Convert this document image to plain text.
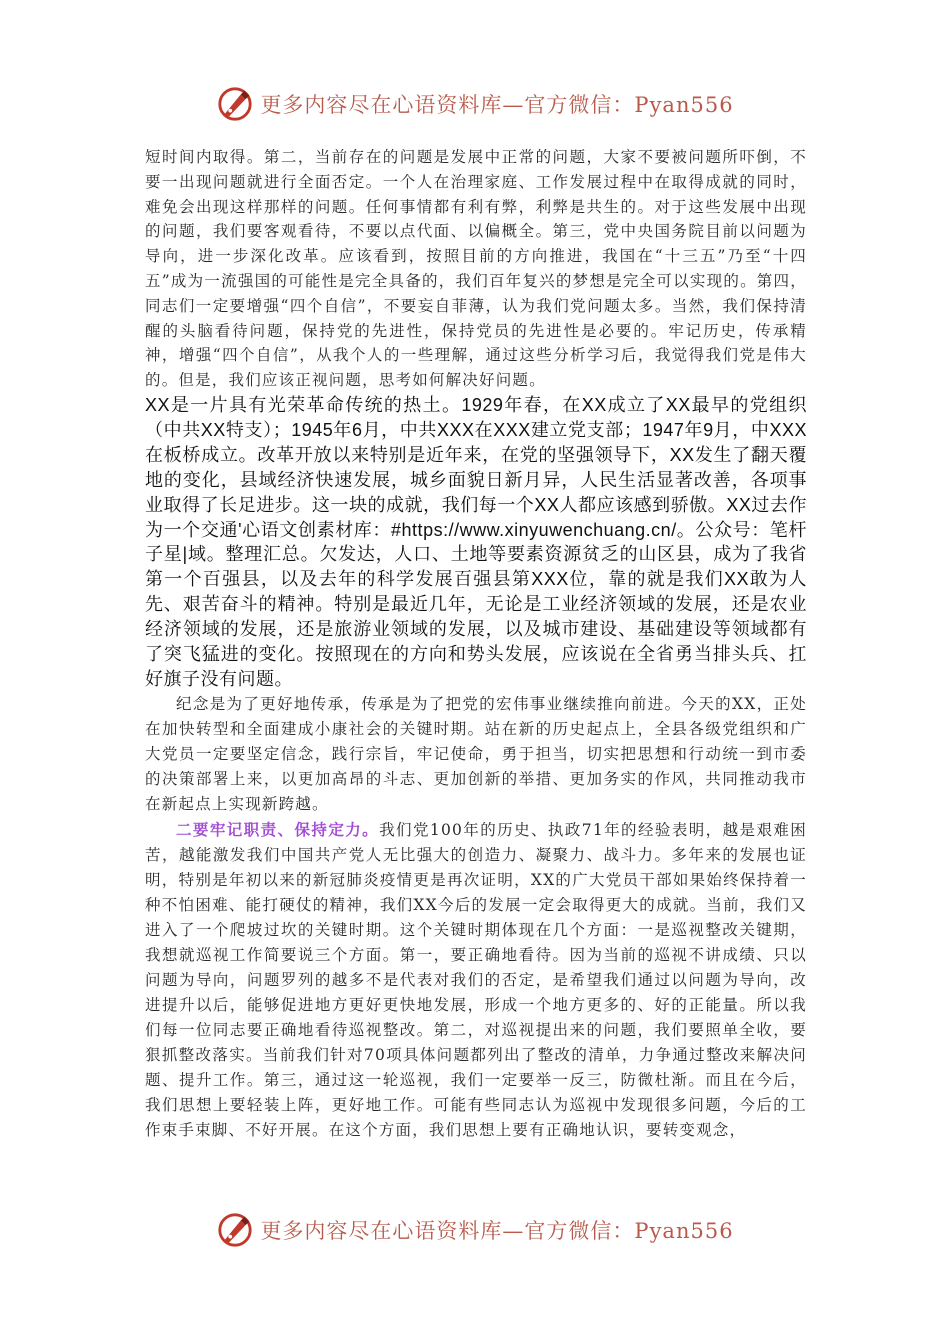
更多内容尽在心语资料库—官方微信：Pyan556

短时间内取得。第二，当前存在的问题是发展中正常的问题，大家不要被问题所吓倒，不要一出现问题就进行全面否定。一个人在治理家庭、工作发展过程中在取得成就的同时，难免会出现这样那样的问题。任何事情都有利有弊，利弊是共生的。对于这些发展中出现的问题，我们要客观看待，不要以点代面、以偏概全。第三，党中央国务院目前以问题为导向，进一步深化改革。应该看到，按照目前的方向推进，我国在“十三五”乃至“十四五”成为一流强国的可能性是完全具备的，我们百年复兴的梦想是完全可以实现的。第四，同志们一定要增强“四个自信”，不要妄自菲薄，认为我们党问题太多。当然，我们保持清醒的头脑看待问题，保持党的先进性，保持党员的先进性是必要的。牢记历史，传承精神，增强“四个自信”，从我个人的一些理解，通过这些分析学习后，我觉得我们党是伟大的。但是，我们应该正视问题，思考如何解决好问题。

XX是一片具有光荣革命传统的热土。1929年春，在XX成立了XX最早的党组织（中共XX特支）；1945年6月，中共XXX在XXX建立党支部；1947年9月，中XXX在板桥成立。改革开放以来特别是近年来，在党的坚强领导下，XX发生了翻天覆地的变化，县域经济快速发展，城乡面貌日新月异，人民生活显著改善，各项事业取得了长足进步。这一块的成就，我们每一个XX人都应该感到骄傲。XX过去作为一个交通'心语文创素材库：#https://www.xinyuwenchuang.cn/。公众号：笔杆子星|域。整理汇总。欠发达，人口、土地等要素资源贫乏的山区县，成为了我省第一个百强县，以及去年的科学发展百强县第XXX位，靠的就是我们XX敢为人先、艰苦奋斗的精神。特别是最近几年，无论是工业经济领域的发展，还是农业经济领域的发展，还是旅游业领域的发展，以及城市建设、基础建设等领域都有了突飞猛进的变化。按照现在的方向和势头发展，应该说在全省勇当排头兵、扛好旗子没有问题。

纪念是为了更好地传承，传承是为了把党的宏伟事业继续推向前进。今天的XX，正处在加快转型和全面建成小康社会的关键时期。站在新的历史起点上，全县各级党组织和广大党员一定要坚定信念，践行宗旨，牢记使命，勇于担当，切实把思想和行动统一到市委的决策部署上来，以更加高昂的斗志、更加创新的举措、更加务实的作风，共同推动我市在新起点上实现新跨越。

二要牢记职责、保持定力。我们党100年的历史、执政71年的经验表明，越是艰难困苦，越能激发我们中国共产党人无比强大的创造力、凝聚力、战斗力。多年来的发展也证明，特别是年初以来的新冠肺炎疫情更是再次证明，XX的广大党员干部如果始终保持着一种不怕困难、能打硬仗的精神，我们XX今后的发展一定会取得更大的成就。当前，我们又进入了一个爬坡过坎的关键时期。这个关键时期体现在几个方面：一是巡视整改关键期，我想就巡视工作简要说三个方面。第一，要正确地看待。因为当前的巡视不讲成绩、只以问题为导向，问题罗列的越多不是代表对我们的否定，是希望我们通过以问题为导向，改进提升以后，能够促进地方更好更快地发展，形成一个地方更多的、好的正能量。所以我们每一位同志要正确地看待巡视整改。第二，对巡视提出来的问题，我们要照单全收，要狠抓整改落实。当前我们针对70项具体问题都列出了整改的清单，力争通过整改来解决问题、提升工作。第三，通过这一轮巡视，我们一定要举一反三，防微杜渐。而且在今后，我们思想上要轻装上阵，更好地工作。可能有些同志认为巡视中发现很多问题，今后的工作束手束脚、不好开展。在这个方面，我们思想上要有正确地认识，要转变观念，

更多内容尽在心语资料库—官方微信：Pyan556
